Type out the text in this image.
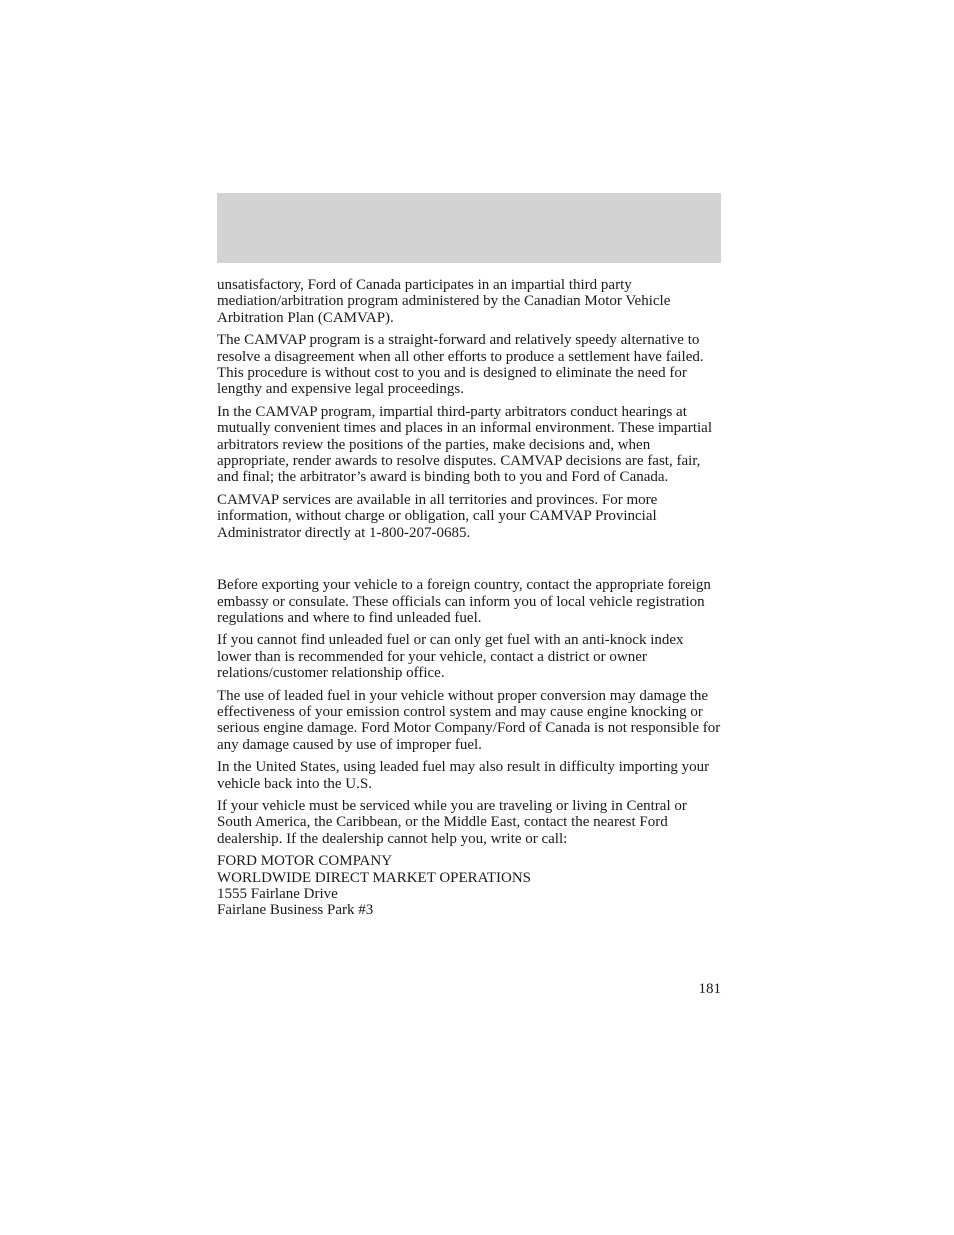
unsatisfactory, Ford of Canada participates in an impartial third party mediation/arbitration program administered by the Canadian Motor Vehicle Arbitration Plan (CAMVAP).

The CAMVAP program is a straight-forward and relatively speedy alternative to resolve a disagreement when all other efforts to produce a settlement have failed. This procedure is without cost to you and is designed to eliminate the need for lengthy and expensive legal proceedings.

In the CAMVAP program, impartial third-party arbitrators conduct hearings at mutually convenient times and places in an informal environment. These impartial arbitrators review the positions of the parties, make decisions and, when appropriate, render awards to resolve disputes. CAMVAP decisions are fast, fair, and final; the arbitrator’s award is binding both to you and Ford of Canada.

CAMVAP services are available in all territories and provinces. For more information, without charge or obligation, call your CAMVAP Provincial Administrator directly at 1-800-207-0685.

Before exporting your vehicle to a foreign country, contact the appropriate foreign embassy or consulate. These officials can inform you of local vehicle registration regulations and where to find unleaded fuel.

If you cannot find unleaded fuel or can only get fuel with an anti-knock index lower than is recommended for your vehicle, contact a district or owner relations/customer relationship office.

The use of leaded fuel in your vehicle without proper conversion may damage the effectiveness of your emission control system and may cause engine knocking or serious engine damage. Ford Motor Company/Ford of Canada is not responsible for any damage caused by use of improper fuel.

In the United States, using leaded fuel may also result in difficulty importing your vehicle back into the U.S.

If your vehicle must be serviced while you are traveling or living in Central or South America, the Caribbean, or the Middle East, contact the nearest Ford dealership. If the dealership cannot help you, write or call:

FORD MOTOR COMPANY
WORLDWIDE DIRECT MARKET OPERATIONS
1555 Fairlane Drive
Fairlane Business Park #3
181
